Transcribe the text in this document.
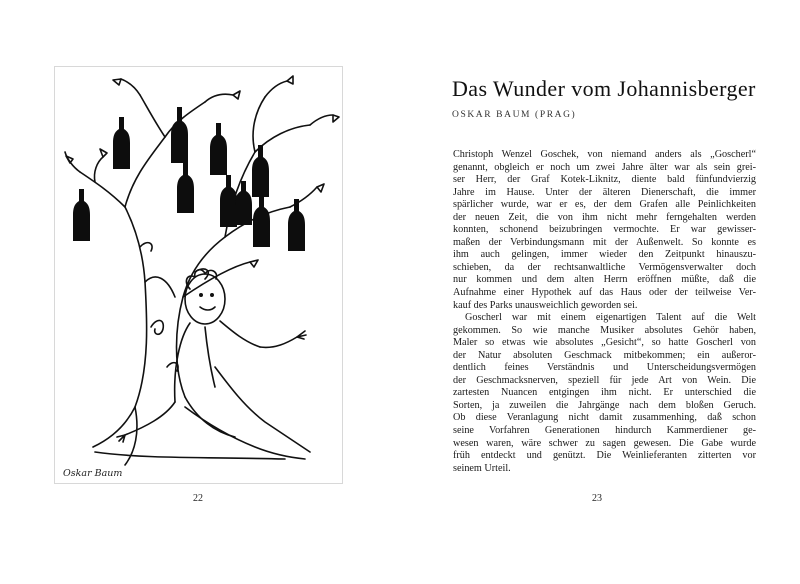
Oskar Baum
22
Das Wunder vom Johannisberger
OSKAR BAUM (PRAG)
Christoph Wenzel Goschek, von niemand anders als „Goscherl“
genannt, obgleich er noch um zwei Jahre älter war als sein grei-
ser Herr, der Graf Kotek-Liknitz, diente bald fünfundvierzig
Jahre im Hause. Unter der älteren Dienerschaft, die immer
spärlicher wurde, war er es, der dem Grafen alle Peinlichkeiten
der neuen Zeit, die von ihm nicht mehr ferngehalten werden
konnten, schonend beizubringen vermochte. Er war gewisser-
maßen der Verbindungsmann mit der Außenwelt. So konnte es
ihm auch gelingen, immer wieder den Zeitpunkt hinauszu-
schieben, da der rechtsanwaltliche Vermögensverwalter doch
nur kommen und dem alten Herrn eröffnen müßte, daß die
Aufnahme einer Hypothek auf das Haus oder der teilweise Ver-
kauf des Parks unausweichlich geworden sei.
Goscherl war mit einem eigenartigen Talent auf die Welt
gekommen. So wie manche Musiker absolutes Gehör haben,
Maler so etwas wie absolutes „Gesicht“, so hatte Goscherl von
der Natur absoluten Geschmack mitbekommen; ein außeror-
dentlich feines Verständnis und Unterscheidungsvermögen
der Geschmacksnerven, speziell für jede Art von Wein. Die
zartesten Nuancen entgingen ihm nicht. Er unterschied die
Sorten, ja zuweilen die Jahrgänge nach dem bloßen Geruch.
Ob diese Veranlagung nicht damit zusammenhing, daß schon
seine Vorfahren Generationen hindurch Kammerdiener ge-
wesen waren, wäre schwer zu sagen gewesen. Die Gabe wurde
früh entdeckt und genützt. Die Weinlieferanten zitterten vor
seinem Urteil.
23
